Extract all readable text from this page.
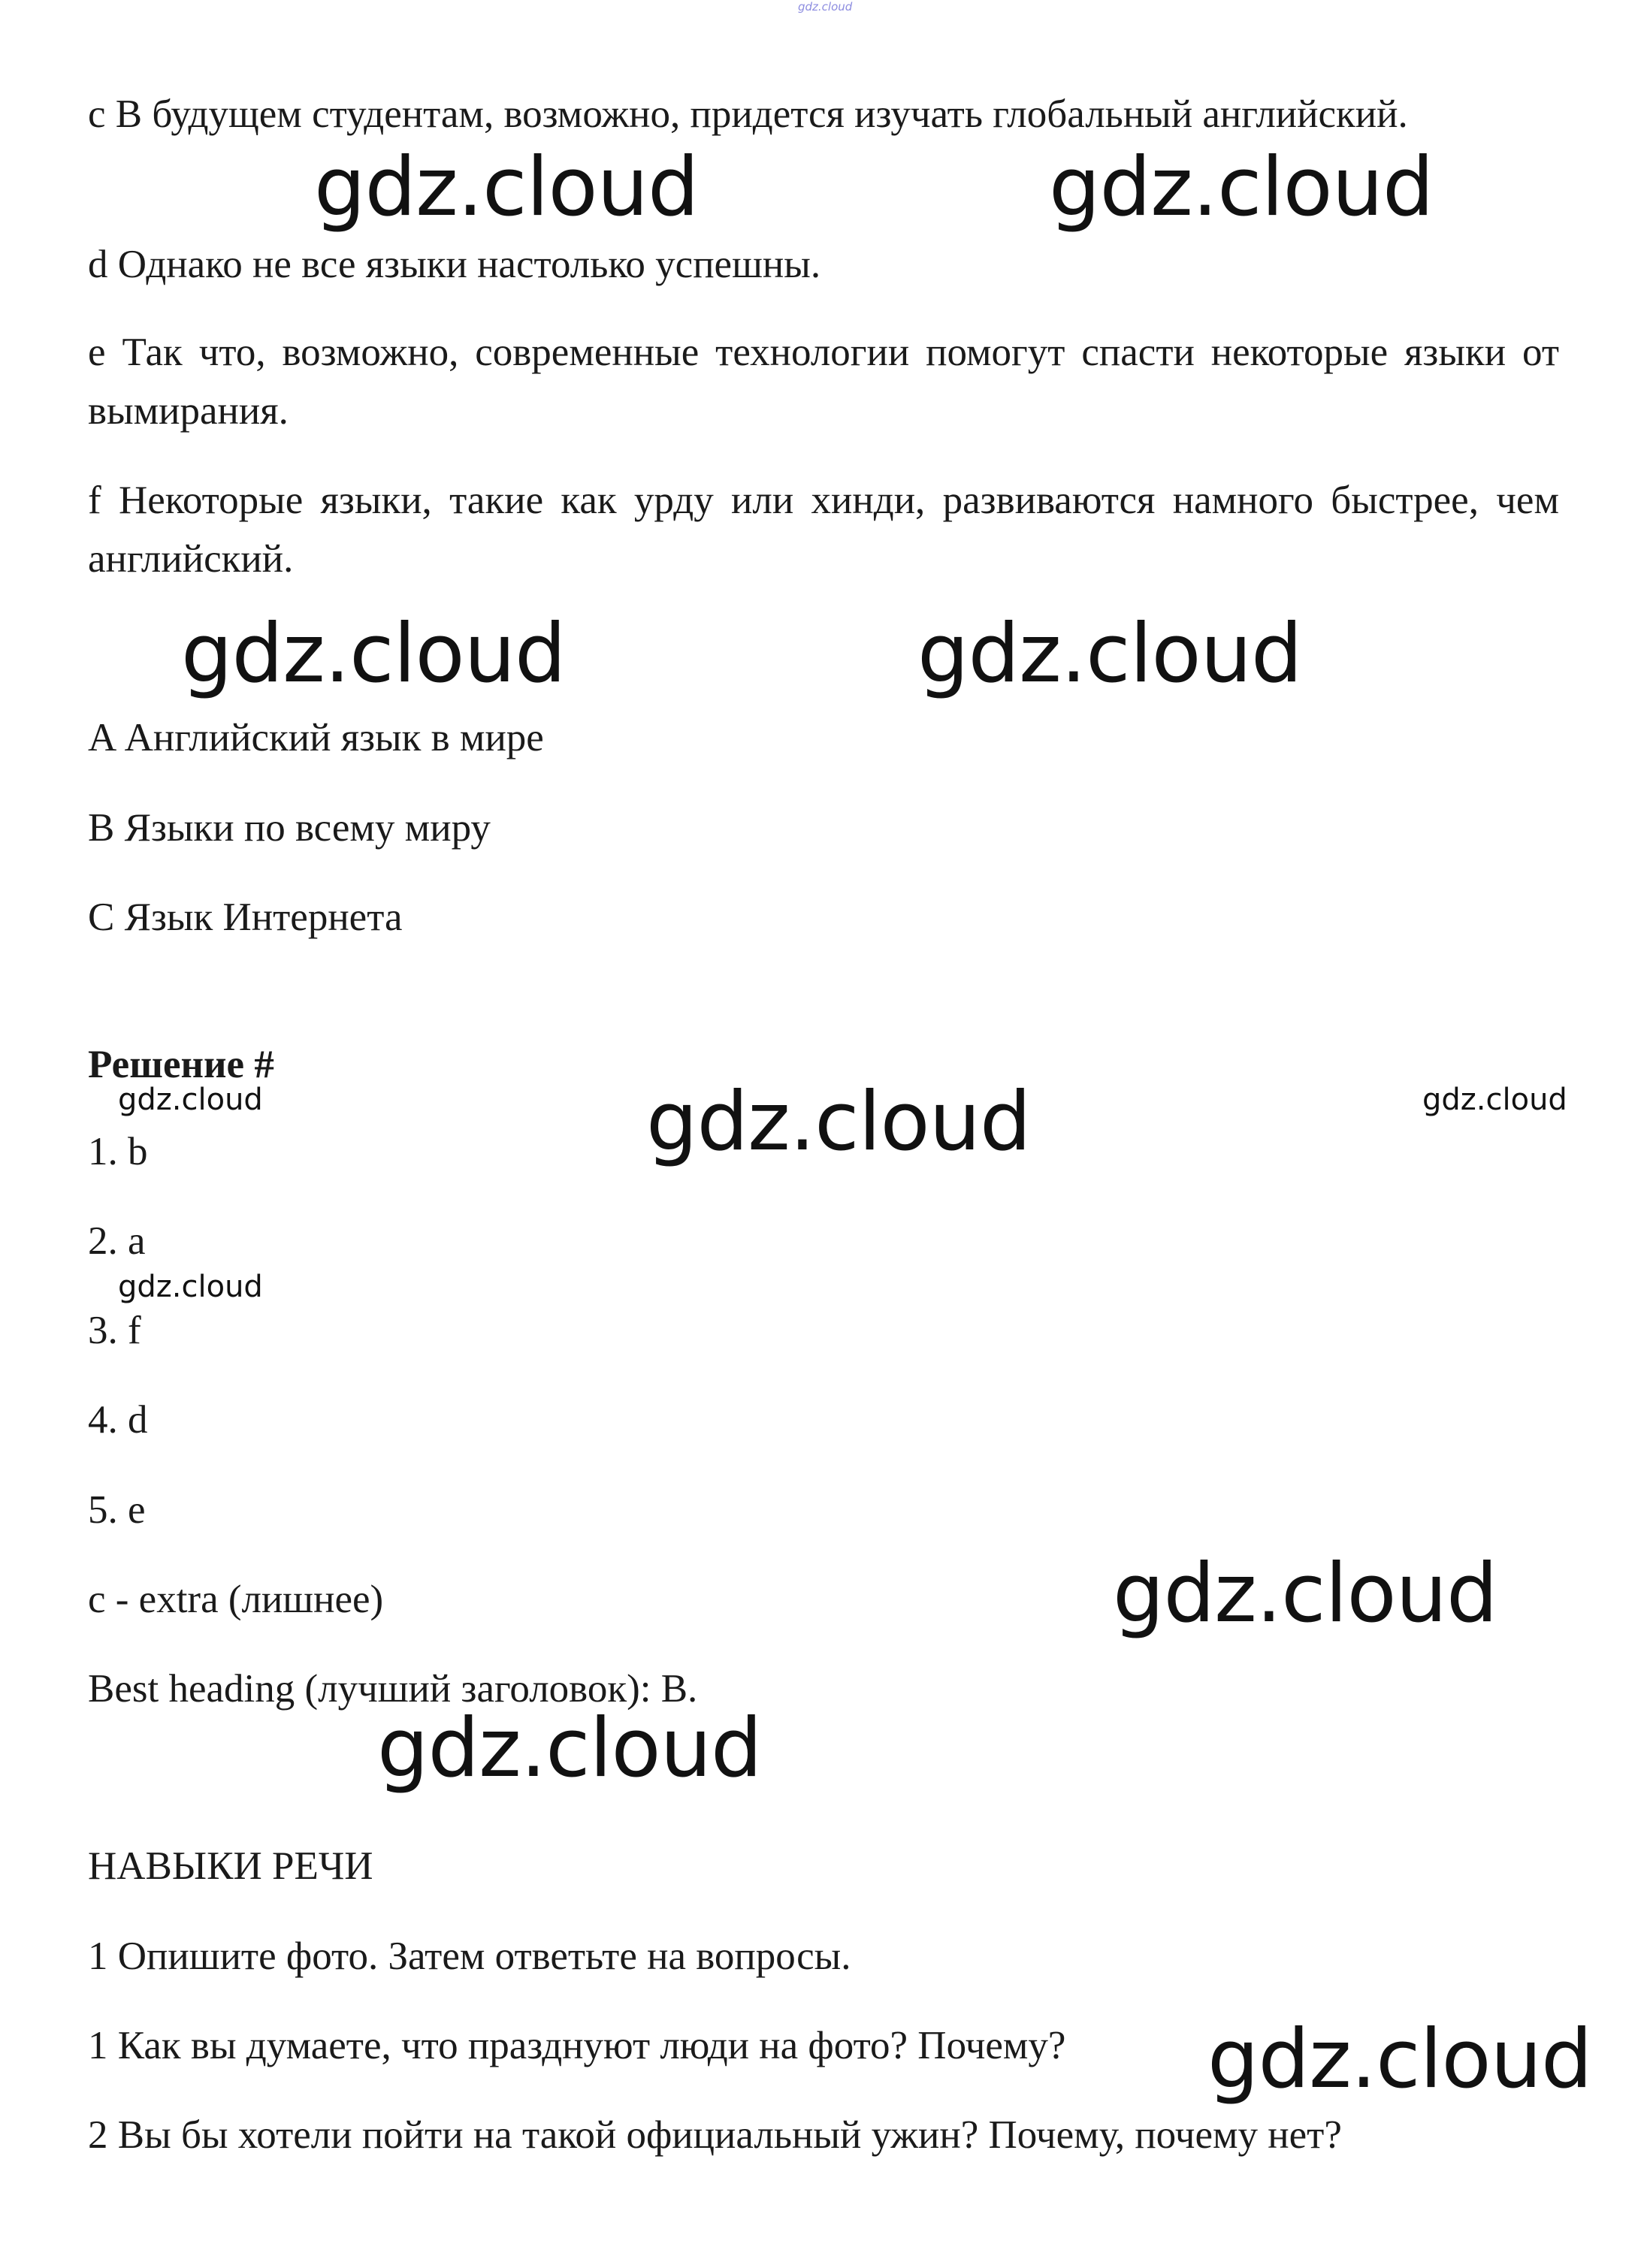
gdz.cloud

c В будущем студентам, возможно, придется изучать глобальный английский.

d Однако не все языки настолько успешны.

e Так что, возможно, современные технологии помогут спасти некоторые языки от вымирания.

f Некоторые языки, такие как урду или хинди, развиваются намного быстрее, чем английский.

A Английский язык в мире

B Языки по всему миру

C Язык Интернета

Решение #

1. b

2. a

3. f

4. d

5. e

c - extra (лишнее)

Best heading (лучший заголовок): B.

НАВЫКИ РЕЧИ

1 Опишите фото. Затем ответьте на вопросы.

1 Как вы думаете, что празднуют люди на фото? Почему?

2 Вы бы хотели пойти на такой официальный ужин? Почему, почему нет?

gdz.cloud	gdz.cloud
gdz.cloud	gdz.cloud
gdz.cloud	gdz.cloud	gdz.cloud
gdz.cloud
gdz.cloud
gdz.cloud
gdz.cloud
